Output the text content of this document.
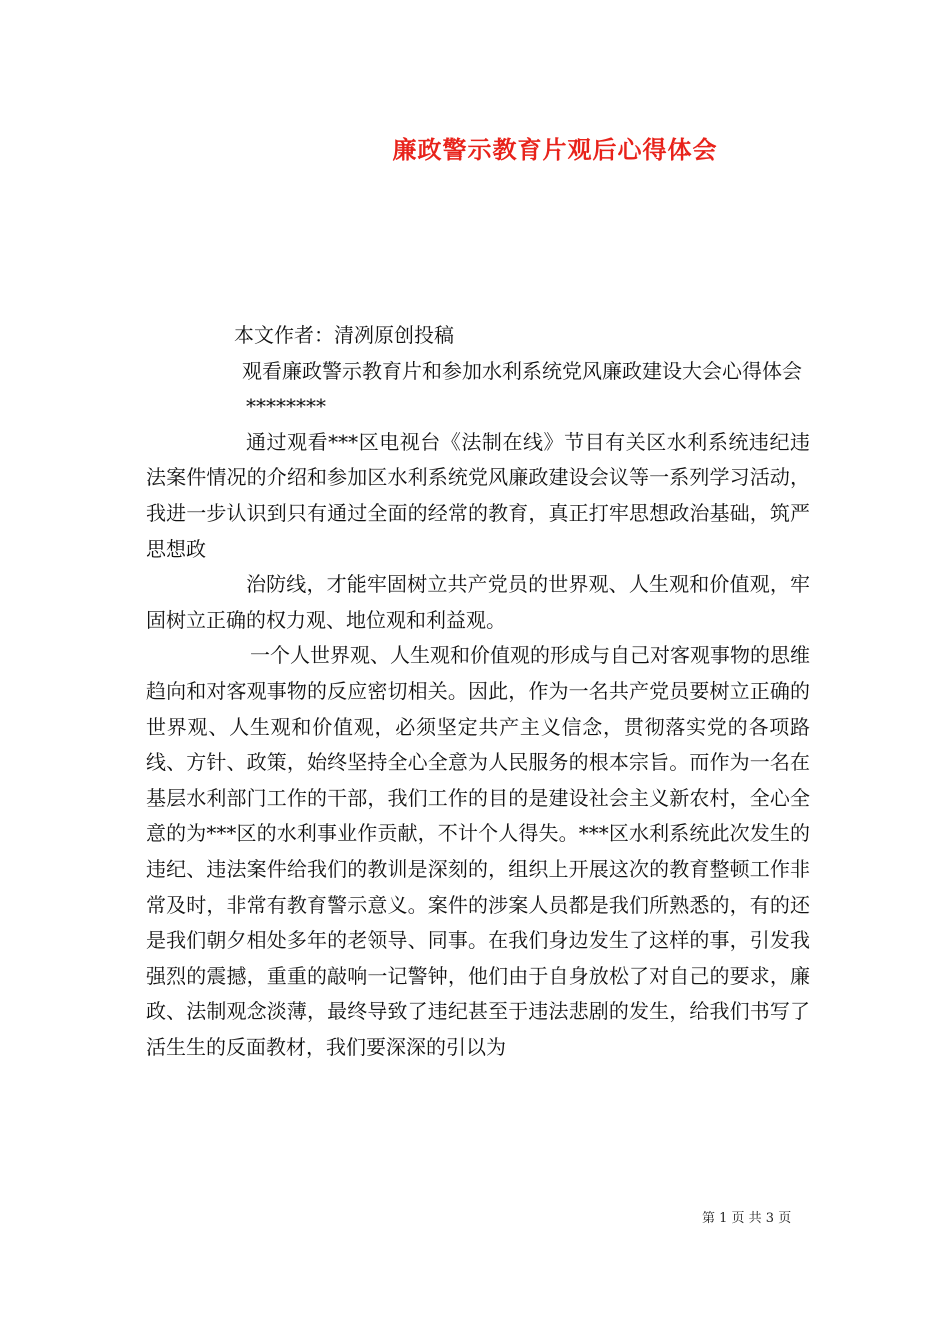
廉政警示教育片观后心得体会

本文作者：清冽原创投稿

观看廉政警示教育片和参加水利系统党风廉政建设大会心得体会

********

通过观看***区电视台《法制在线》节目有关区水利系统违纪违法案件情况的介绍和参加区水利系统党风廉政建设会议等一系列学习活动，我进一步认识到只有通过全面的经常的教育，真正打牢思想政治基础，筑严思想政

治防线，才能牢固树立共产党员的世界观、人生观和价值观，牢固树立正确的权力观、地位观和利益观。

一个人世界观、人生观和价值观的形成与自己对客观事物的思维趋向和对客观事物的反应密切相关。因此，作为一名共产党员要树立正确的世界观、人生观和价值观，必须坚定共产主义信念，贯彻落实党的各项路线、方针、政策，始终坚持全心全意为人民服务的根本宗旨。而作为一名在基层水利部门工作的干部，我们工作的目的是建设社会主义新农村，全心全意的为***区的水利事业作贡献，不计个人得失。***区水利系统此次发生的违纪、违法案件给我们的教训是深刻的，组织上开展这次的教育整顿工作非常及时，非常有教育警示意义。案件的涉案人员都是我们所熟悉的，有的还是我们朝夕相处多年的老领导、同事。在我们身边发生了这样的事，引发我强烈的震撼，重重的敲响一记警钟，他们由于自身放松了对自己的要求，廉政、法制观念淡薄，最终导致了违纪甚至于违法悲剧的发生，给我们书写了活生生的反面教材，我们要深深的引以为

第 1 页 共 3 页
